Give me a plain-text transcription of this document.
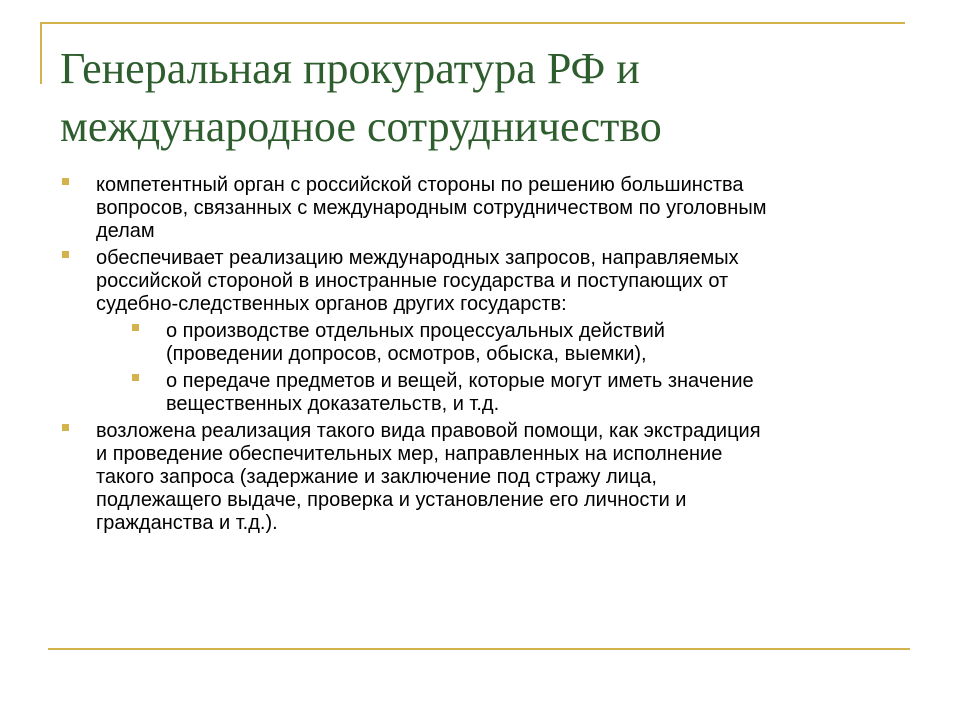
Генеральная прокуратура РФ и
международное сотрудничество
компетентный орган с российской стороны по решению большинства
вопросов, связанных с международным сотрудничеством по уголовным
делам
обеспечивает реализацию международных запросов, направляемых
российской стороной в иностранные государства и поступающих от
судебно-следственных органов других государств:
о производстве отдельных процессуальных действий
(проведении допросов, осмотров, обыска, выемки),
о передаче предметов и вещей, которые могут иметь значение
вещественных доказательств, и т.д.
возложена реализация такого вида правовой помощи, как экстрадиция
и проведение обеспечительных мер, направленных на исполнение
такого запроса (задержание и заключение под стражу лица,
подлежащего выдаче, проверка и установление его личности и
гражданства и т.д.).
